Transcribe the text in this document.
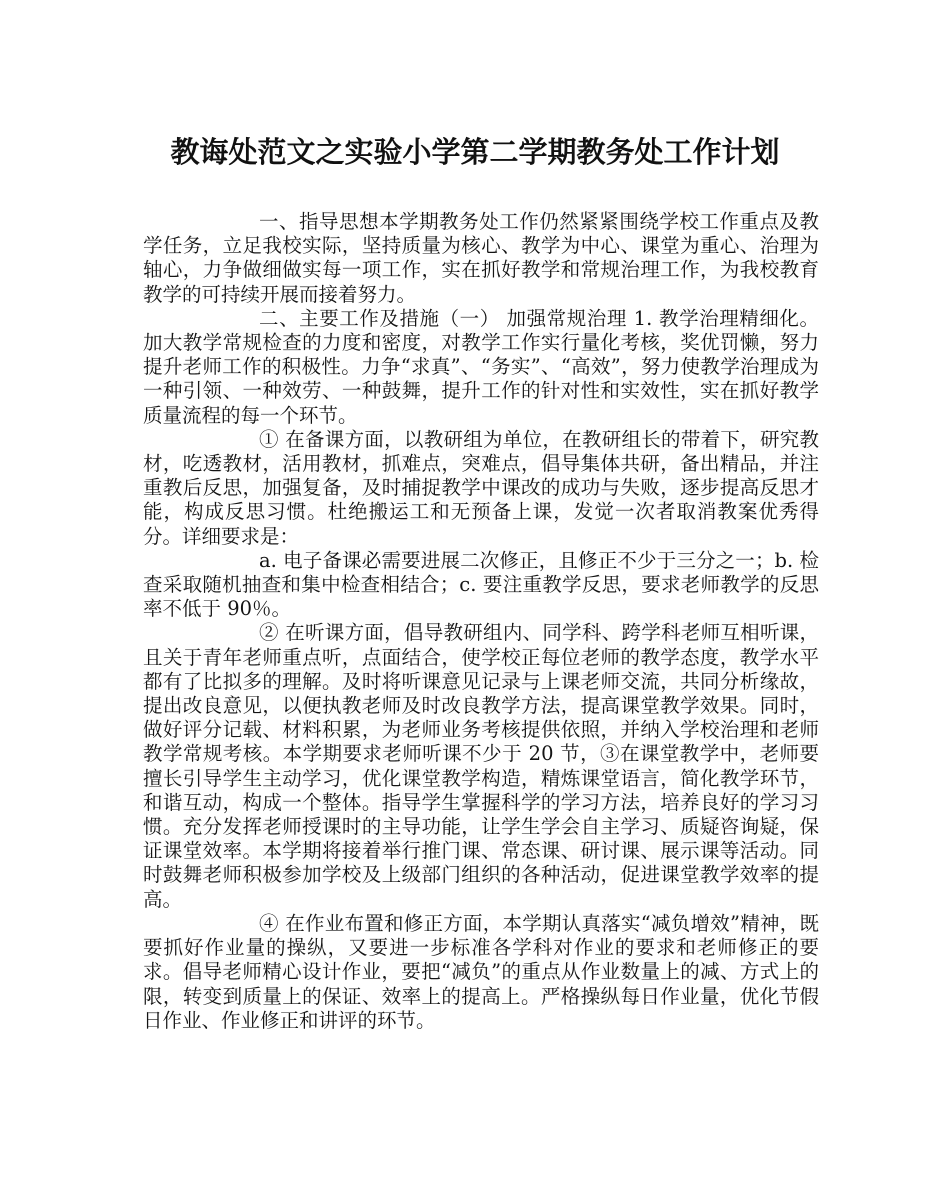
教诲处范文之实验小学第二学期教务处工作计划

一、指导思想本学期教务处工作仍然紧紧围绕学校工作重点及教学任务，立足我校实际，坚持质量为核心、教学为中心、课堂为重心、治理为轴心，力争做细做实每一项工作，实在抓好教学和常规治理工作，为我校教育教学的可持续开展而接着努力。

二、主要工作及措施（一） 加强常规治理 1. 教学治理精细化。加大教学常规检查的力度和密度，对教学工作实行量化考核，奖优罚懒，努力提升老师工作的积极性。力争“求真”、“务实”、“高效”，努力使教学治理成为一种引领、一种效劳、一种鼓舞，提升工作的针对性和实效性，实在抓好教学质量流程的每一个环节。

① 在备课方面，以教研组为单位，在教研组长的带着下，研究教材，吃透教材，活用教材，抓难点，突难点，倡导集体共研，备出精品，并注重教后反思，加强复备，及时捕捉教学中课改的成功与失败，逐步提高反思才能，构成反思习惯。杜绝搬运工和无预备上课，发觉一次者取消教案优秀得分。详细要求是：

a. 电子备课必需要进展二次修正，且修正不少于三分之一；b. 检查采取随机抽查和集中检查相结合；c. 要注重教学反思，要求老师教学的反思率不低于 90％。

② 在听课方面，倡导教研组内、同学科、跨学科老师互相听课，且关于青年老师重点听，点面结合，使学校正每位老师的教学态度，教学水平都有了比拟多的理解。及时将听课意见记录与上课老师交流，共同分析缘故，提出改良意见，以便执教老师及时改良教学方法，提高课堂教学效果。同时，做好评分记载、材料积累，为老师业务考核提供依照，并纳入学校治理和老师教学常规考核。本学期要求老师听课不少于 20 节，③在课堂教学中，老师要擅长引导学生主动学习，优化课堂教学构造，精炼课堂语言，简化教学环节，和谐互动，构成一个整体。指导学生掌握科学的学习方法，培养良好的学习习惯。充分发挥老师授课时的主导功能，让学生学会自主学习、质疑咨询疑，保证课堂效率。本学期将接着举行推门课、常态课、研讨课、展示课等活动。同时鼓舞老师积极参加学校及上级部门组织的各种活动，促进课堂教学效率的提高。

④ 在作业布置和修正方面，本学期认真落实“减负增效”精神，既要抓好作业量的操纵，又要进一步标准各学科对作业的要求和老师修正的要求。倡导老师精心设计作业，要把“减负”的重点从作业数量上的减、方式上的限，转变到质量上的保证、效率上的提高上。严格操纵每日作业量，优化节假日作业、作业修正和讲评的环节。
